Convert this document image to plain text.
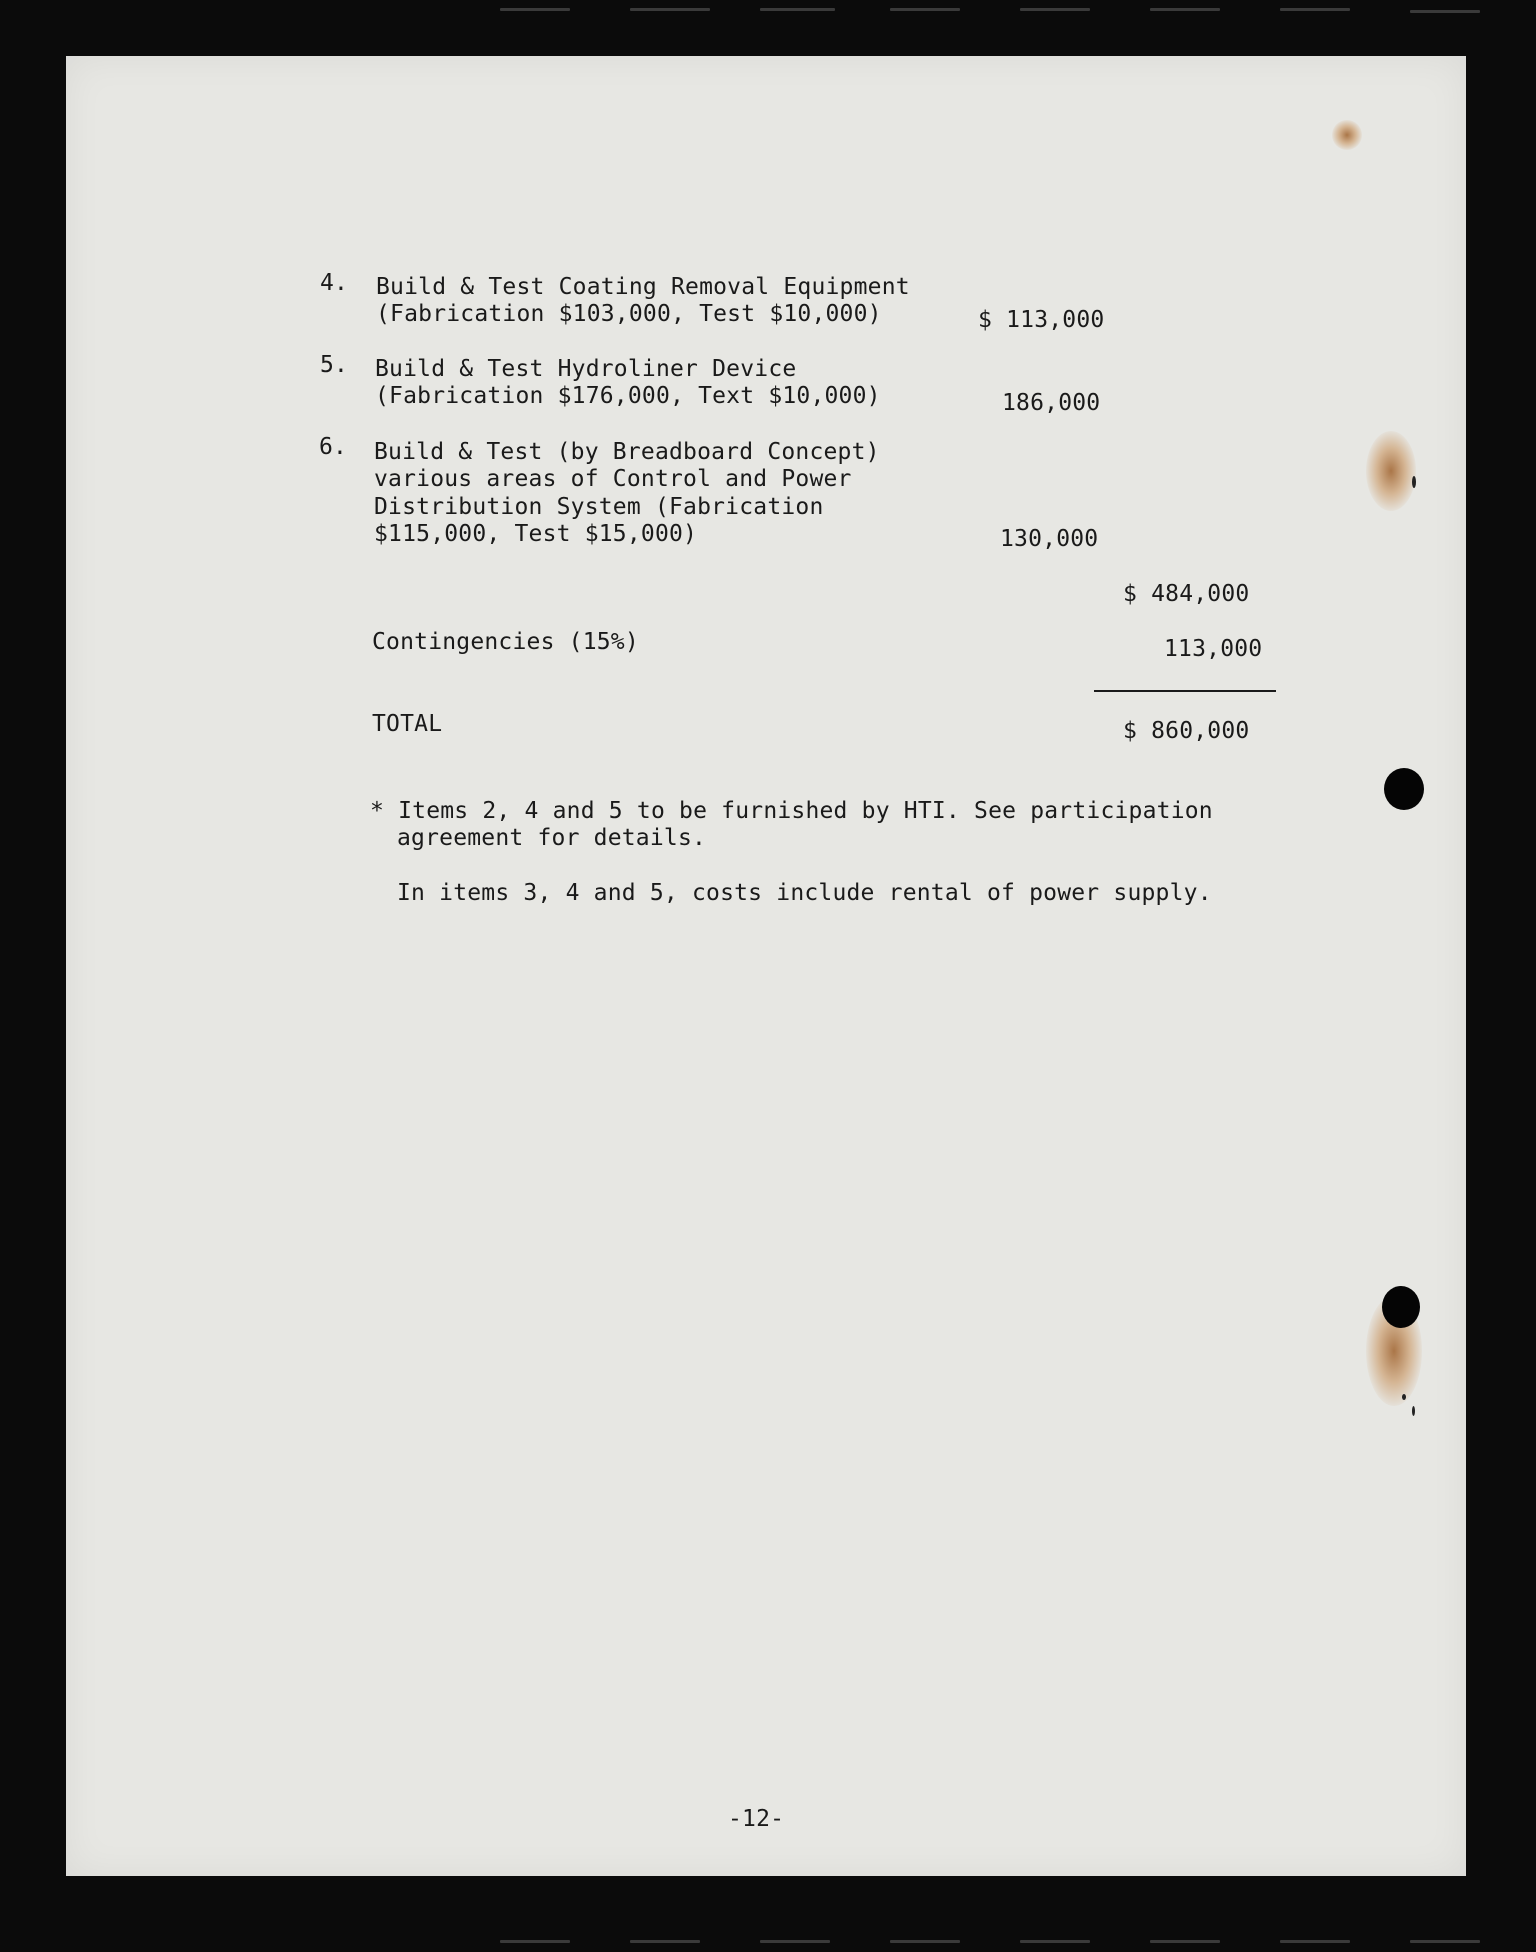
4. Build & Test Coating Removal Equipment
(Fabrication $103,000, Test $10,000)	$ 113,000
5. Build & Test Hydroliner Device
(Fabrication $176,000, Text $10,000)	186,000
6. Build & Test (by Breadboard Concept)
various areas of Control and Power
Distribution System (Fabrication
$115,000, Test $15,000)	130,000
$ 484,000
Contingencies (15%)	113,000
TOTAL	$ 860,000
* Items 2, 4 and 5 to be furnished by HTI. See participation
agreement for details.
In items 3, 4 and 5, costs include rental of power supply.
-12-
